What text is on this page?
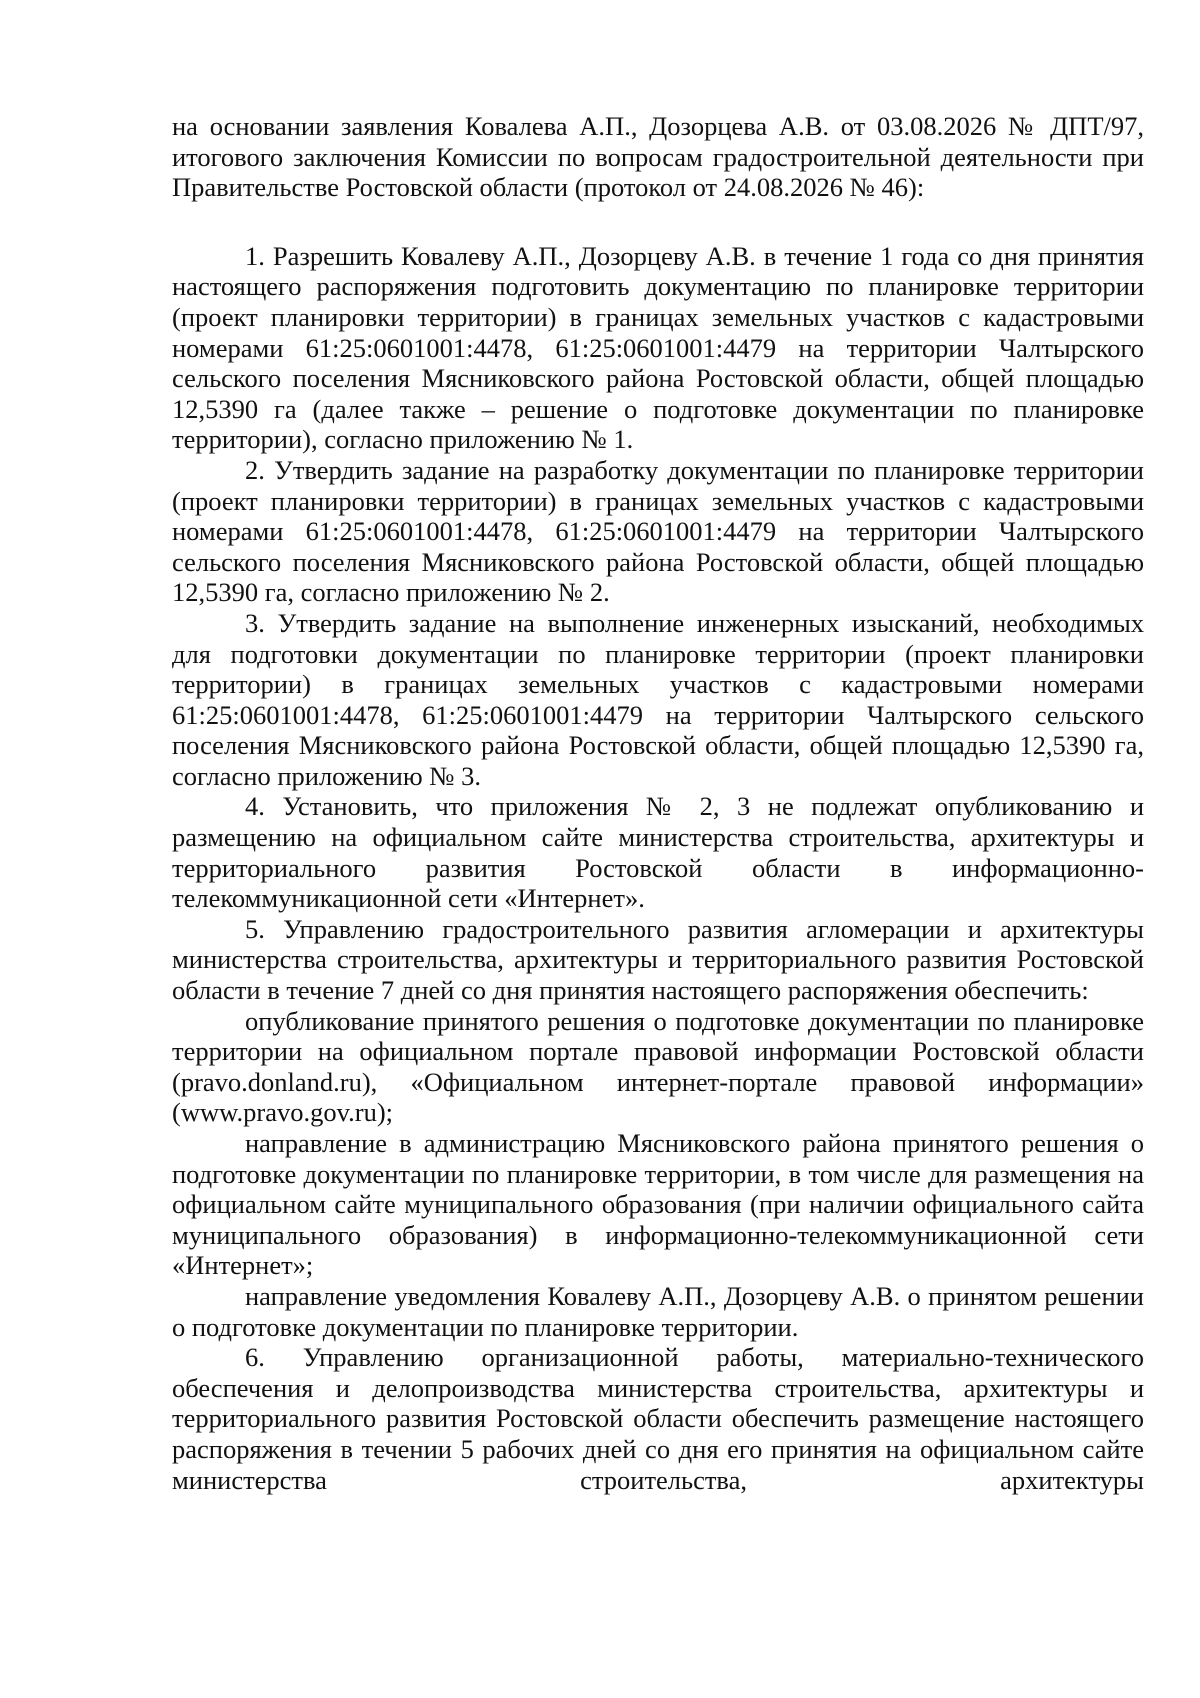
на основании заявления Ковалева А.П., Дозорцева А.В. от 03.08.2026 № ДПТ/97, итогового заключения Комиссии по вопросам градостроительной деятельности при Правительстве Ростовской области (протокол от 24.08.2026 № 46):

1. Разрешить Ковалеву А.П., Дозорцеву А.В. в течение 1 года со дня принятия настоящего распоряжения подготовить документацию по планировке территории (проект планировки территории) в границах земельных участков с кадастровыми номерами 61:25:0601001:4478, 61:25:0601001:4479 на территории Чалтырского сельского поселения Мясниковского района Ростовской области, общей площадью 12,5390 га (далее также – решение о подготовке документации по планировке территории), согласно приложению № 1.

2. Утвердить задание на разработку документации по планировке территории (проект планировки территории) в границах земельных участков с кадастровыми номерами 61:25:0601001:4478, 61:25:0601001:4479 на территории Чалтырского сельского поселения Мясниковского района Ростовской области, общей площадью 12,5390 га, согласно приложению № 2.

3. Утвердить задание на выполнение инженерных изысканий, необходимых для подготовки документации по планировке территории (проект планировки территории) в границах земельных участков с кадастровыми номерами 61:25:0601001:4478, 61:25:0601001:4479 на территории Чалтырского сельского поселения Мясниковского района Ростовской области, общей площадью 12,5390 га, согласно приложению № 3.

4. Установить, что приложения № 2, 3 не подлежат опубликованию и размещению на официальном сайте министерства строительства, архитектуры и территориального развития Ростовской области в информационно-телекоммуникационной сети «Интернет».

5. Управлению градостроительного развития агломерации и архитектуры министерства строительства, архитектуры и территориального развития Ростовской области в течение 7 дней со дня принятия настоящего распоряжения обеспечить:

опубликование принятого решения о подготовке документации по планировке территории на официальном портале правовой информации Ростовской области (pravo.donland.ru), «Официальном интернет-портале правовой информации» (www.pravo.gov.ru);

направление в администрацию Мясниковского района принятого решения о подготовке документации по планировке территории, в том числе для размещения на официальном сайте муниципального образования (при наличии официального сайта муниципального образования) в информационно-телекоммуникационной сети «Интернет»;

направление уведомления Ковалеву А.П., Дозорцеву А.В. о принятом решении о подготовке документации по планировке территории.

6. Управлению организационной работы, материально-технического обеспечения и делопроизводства министерства строительства, архитектуры и территориального развития Ростовской области обеспечить размещение настоящего распоряжения в течении 5 рабочих дней со дня его принятия на официальном сайте министерства строительства, архитектуры
